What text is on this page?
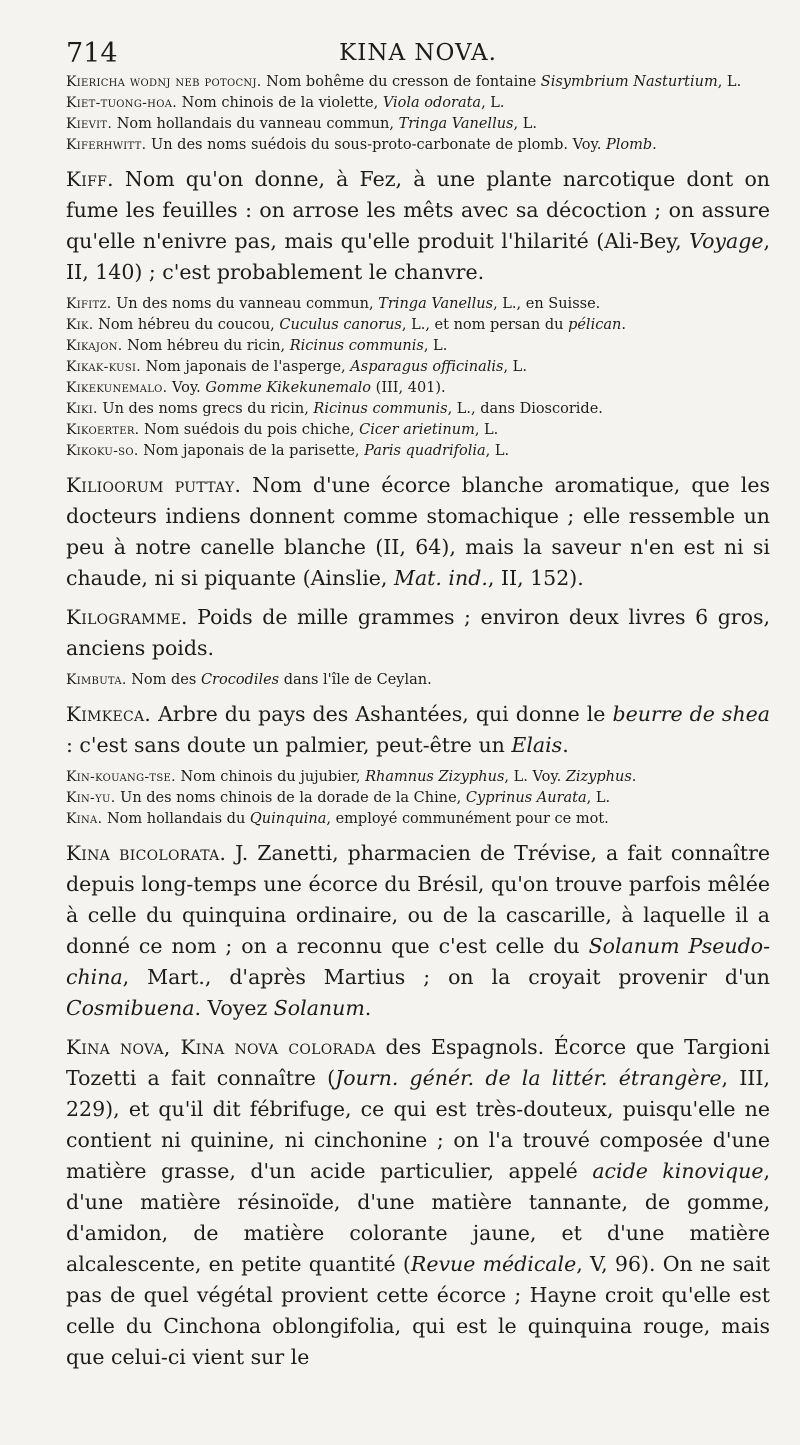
714	KINA NOVA.

Kiericha wodnj neb potocnj. Nom bohême du cresson de fontaine Sisymbrium Nasturtium, L.

Kiet-tuong-hoa. Nom chinois de la violette, Viola odorata, L.

Kievit. Nom hollandais du vanneau commun, Tringa Vanellus, L.

Kiferhwitt. Un des noms suédois du sous-proto-carbonate de plomb. Voy. Plomb.

Kiff. Nom qu'on donne, à Fez, à une plante narcotique dont on fume les feuilles : on arrose les mêts avec sa décoction ; on assure qu'elle n'enivre pas, mais qu'elle produit l'hilarité (Ali-Bey, Voyage, II, 140) ; c'est probablement le chanvre.

Kifitz. Un des noms du vanneau commun, Tringa Vanellus, L., en Suisse.

Kik. Nom hébreu du coucou, Cuculus canorus, L., et nom persan du pélican.

Kikajon. Nom hébreu du ricin, Ricinus communis, L.

Kikak-kusi. Nom japonais de l'asperge, Asparagus officinalis, L.

Kikekunemalo. Voy. Gomme Kikekunemalo (III, 401).

Kiki. Un des noms grecs du ricin, Ricinus communis, L., dans Dioscoride.

Kikoerter. Nom suédois du pois chiche, Cicer arietinum, L.

Kikoku-so. Nom japonais de la parisette, Paris quadrifolia, L.

Kilioorum puttay. Nom d'une écorce blanche aromatique, que les docteurs indiens donnent comme stomachique ; elle ressemble un peu à notre canelle blanche (II, 64), mais la saveur n'en est ni si chaude, ni si piquante (Ainslie, Mat. ind., II, 152).

Kilogramme. Poids de mille grammes ; environ deux livres 6 gros, anciens poids.

Kimbuta. Nom des Crocodiles dans l'île de Ceylan.

Kimkeca. Arbre du pays des Ashantées, qui donne le beurre de shea : c'est sans doute un palmier, peut-être un Elais.

Kin-kouang-tse. Nom chinois du jujubier, Rhamnus Zizyphus, L. Voy. Zizyphus.

Kin-yu. Un des noms chinois de la dorade de la Chine, Cyprinus Aurata, L.

Kina. Nom hollandais du Quinquina, employé communément pour ce mot.

Kina bicolorata. J. Zanetti, pharmacien de Trévise, a fait connaître depuis long-temps une écorce du Brésil, qu'on trouve parfois mêlée à celle du quinquina ordinaire, ou de la cascarille, à laquelle il a donné ce nom ; on a reconnu que c'est celle du Solanum Pseudo-china, Mart., d'après Martius ; on la croyait provenir d'un Cosmibuena. Voyez Solanum.

Kina nova, Kina nova colorada des Espagnols. Écorce que Targioni Tozetti a fait connaître (Journ. génér. de la littér. étrangère, III, 229), et qu'il dit fébrifuge, ce qui est très-douteux, puisqu'elle ne contient ni quinine, ni cinchonine ; on l'a trouvé composée d'une matière grasse, d'un acide particulier, appelé acide kinovique, d'une matière résinoïde, d'une matière tannante, de gomme, d'amidon, de matière colorante jaune, et d'une matière alcalescente, en petite quantité (Revue médicale, V, 96). On ne sait pas de quel végétal provient cette écorce ; Hayne croit qu'elle est celle du Cinchona oblongifolia, qui est le quinquina rouge, mais que celui-ci vient sur le
